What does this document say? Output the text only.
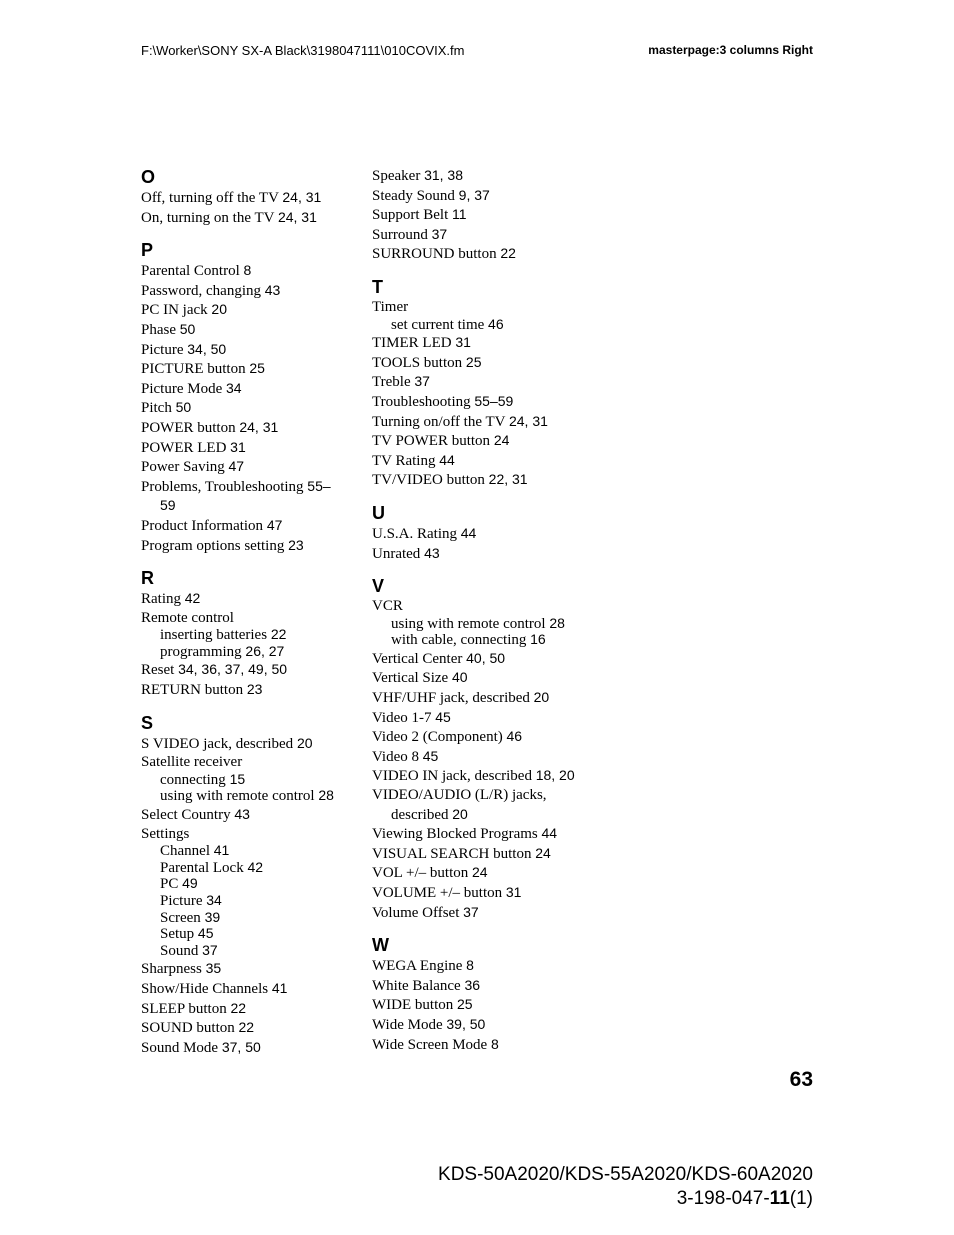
F:\Worker\SONY SX-A Black\3198047111\010COVIX.fm	masterpage:3 columns Right
O
Off, turning off the TV 24, 31
On, turning on the TV 24, 31
P
Parental Control 8
Password, changing 43
PC IN jack 20
Phase 50
Picture 34, 50
PICTURE button 25
Picture Mode 34
Pitch 50
POWER button 24, 31
POWER LED 31
Power Saving 47
Problems, Troubleshooting 55–
59
Product Information 47
Program options setting 23
R
Rating 42
Remote control
inserting batteries 22
programming 26, 27
Reset 34, 36, 37, 49, 50
RETURN button 23
S
S VIDEO jack, described 20
Satellite receiver
connecting 15
using with remote control 28
Select Country 43
Settings
Channel 41
Parental Lock 42
PC 49
Picture 34
Screen 39
Setup 45
Sound 37
Sharpness 35
Show/Hide Channels 41
SLEEP button 22
SOUND button 22
Sound Mode 37, 50
Speaker 31, 38
Steady Sound 9, 37
Support Belt 11
Surround 37
SURROUND button 22
T
Timer
set current time 46
TIMER LED 31
TOOLS button 25
Treble 37
Troubleshooting 55–59
Turning on/off the TV 24, 31
TV POWER button 24
TV Rating 44
TV/VIDEO button 22, 31
U
U.S.A. Rating 44
Unrated 43
V
VCR
using with remote control 28
with cable, connecting 16
Vertical Center 40, 50
Vertical Size 40
VHF/UHF jack, described 20
Video 1-7 45
Video 2 (Component) 46
Video 8 45
VIDEO IN jack, described 18, 20
VIDEO/AUDIO (L/R) jacks,
described 20
Viewing Blocked Programs 44
VISUAL SEARCH button 24
VOL +/– button 24
VOLUME +/– button 31
Volume Offset 37
W
WEGA Engine 8
White Balance 36
WIDE button 25
Wide Mode 39, 50
Wide Screen Mode 8
63
KDS-50A2020/KDS-55A2020/KDS-60A2020
3-198-047-11(1)
